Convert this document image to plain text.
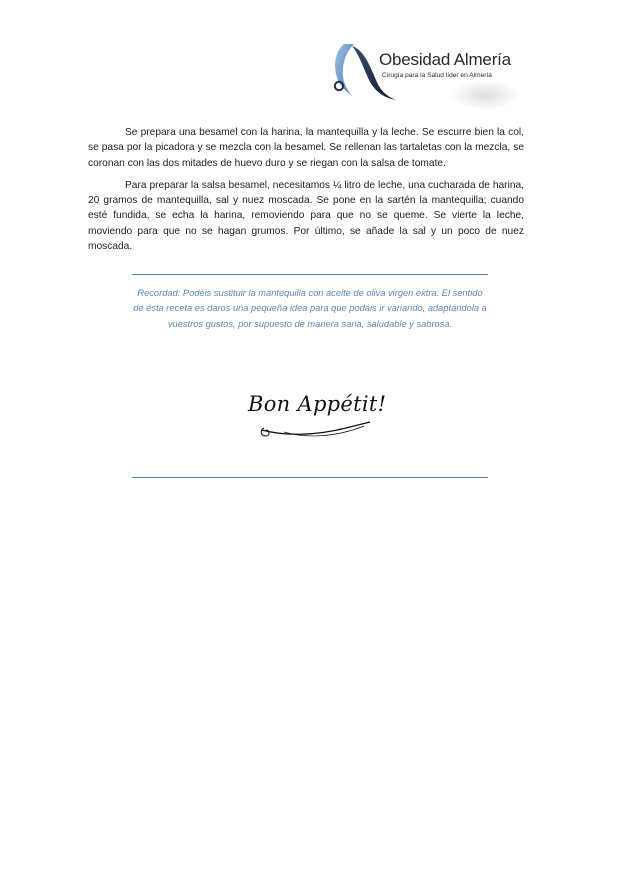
Obesidad Almería
Cirugía para la Salud líder en Almería

Se prepara una besamel con la harina, la mantequilla y la leche. Se escurre bien la col, se pasa por la picadora y se mezcla con la besamel. Se rellenan las tartaletas con la mezcla, se coronan con las dos mitades de huevo duro y se riegan con la salsa de tomate.

Para preparar la salsa besamel, necesitamos ¼ litro de leche, una cucharada de harina, 20 gramos de mantequilla, sal y nuez moscada. Se pone en la sartén la mantequilla; cuando esté fundida, se echa la harina, removiendo para que no se queme. Se vierte la leche, moviendo para que no se hagan grumos. Por último, se añade la sal y un poco de nuez moscada.

Recordad: Podéis sustituir la mantequilla con aceite de oliva virgen extra. El sentido de ésta receta es daros una pequeña idea para que podáis ir variando, adaptándola a vuestros gustos, por supuesto de manera sana, saludable y sabrosa.
Bon Appétit!
